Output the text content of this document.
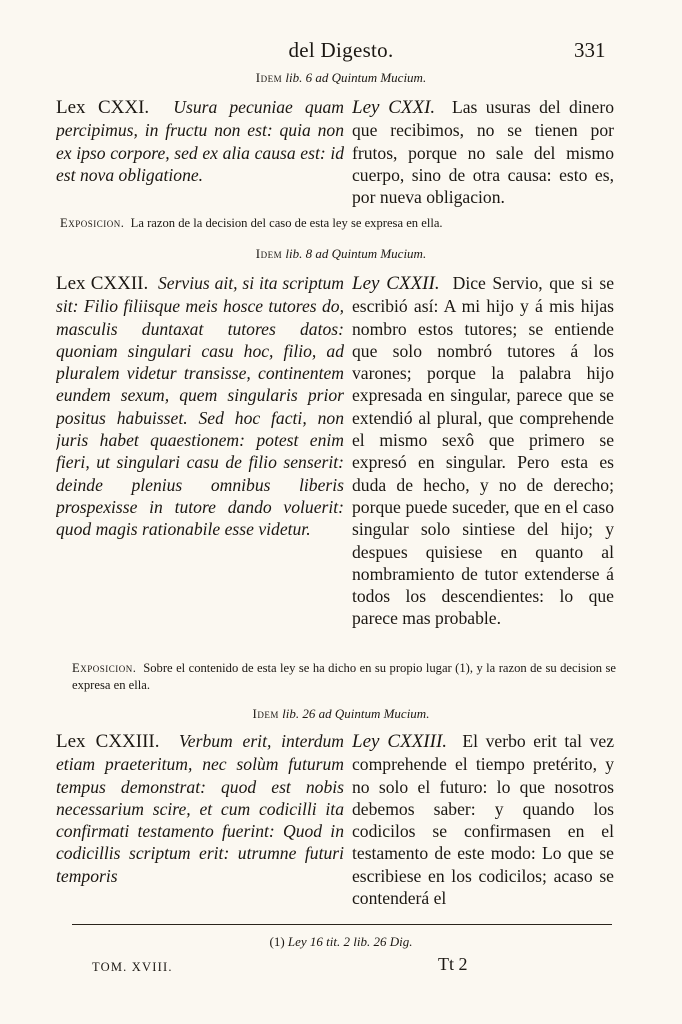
del Digesto.	331
Idem lib. 6 ad Quintum Mucium.

Lex CXXI. Usura pecuniae quam percipimus, in fructu non est: quia non ex ipso corpore, sed ex alia causa est: id est nova obligatione.

Ley CXXI. Las usuras del dinero que recibimos, no se tienen por frutos, porque no sale del mismo cuerpo, sino de otra causa: esto es, por nueva obligacion.

Exposicion. La razon de la decision del caso de esta ley se expresa en ella.
Idem lib. 8 ad Quintum Mucium.

Lex CXXII. Servius ait, si ita scriptum sit: Filio filiisque meis hosce tutores do, masculis duntaxat tutores datos: quoniam singulari casu hoc, filio, ad pluralem videtur transisse, continentem eundem sexum, quem singularis prior positus habuisset. Sed hoc facti, non juris habet quaestionem: potest enim fieri, ut singulari casu de filio senserit: deinde plenius omnibus liberis prospexisse in tutore dando voluerit: quod magis rationabile esse videtur.

Ley CXXII. Dice Servio, que si se escribió así: A mi hijo y á mis hijas nombro estos tutores; se entiende que solo nombró tutores á los varones; porque la palabra hijo expresada en singular, parece que se extendió al plural, que comprehende el mismo sexô que primero se expresó en singular. Pero esta es duda de hecho, y no de derecho; porque puede suceder, que en el caso singular solo sintiese del hijo; y despues quisiese en quanto al nombramiento de tutor extenderse á todos los descendientes: lo que parece mas probable.

Exposicion. Sobre el contenido de esta ley se ha dicho en su propio lugar (1), y la razon de su decision se expresa en ella.
Idem lib. 26 ad Quintum Mucium.

Lex CXXIII. Verbum erit, interdum etiam praeteritum, nec solùm futurum tempus demonstrat: quod est nobis necessarium scire, et cum codicilli ita confirmati testamento fuerint: Quod in codicillis scriptum erit: utrumne futuri temporis

Ley CXXIII. El verbo erit tal vez comprehende el tiempo pretérito, y no solo el futuro: lo que nosotros debemos saber: y quando los codicilos se confirmasen en el testamento de este modo: Lo que se escribiese en los codicilos; acaso se contenderá el

(1) Ley 16 tit. 2 lib. 26 Dig.
TOM. XVIII.	Tt 2
